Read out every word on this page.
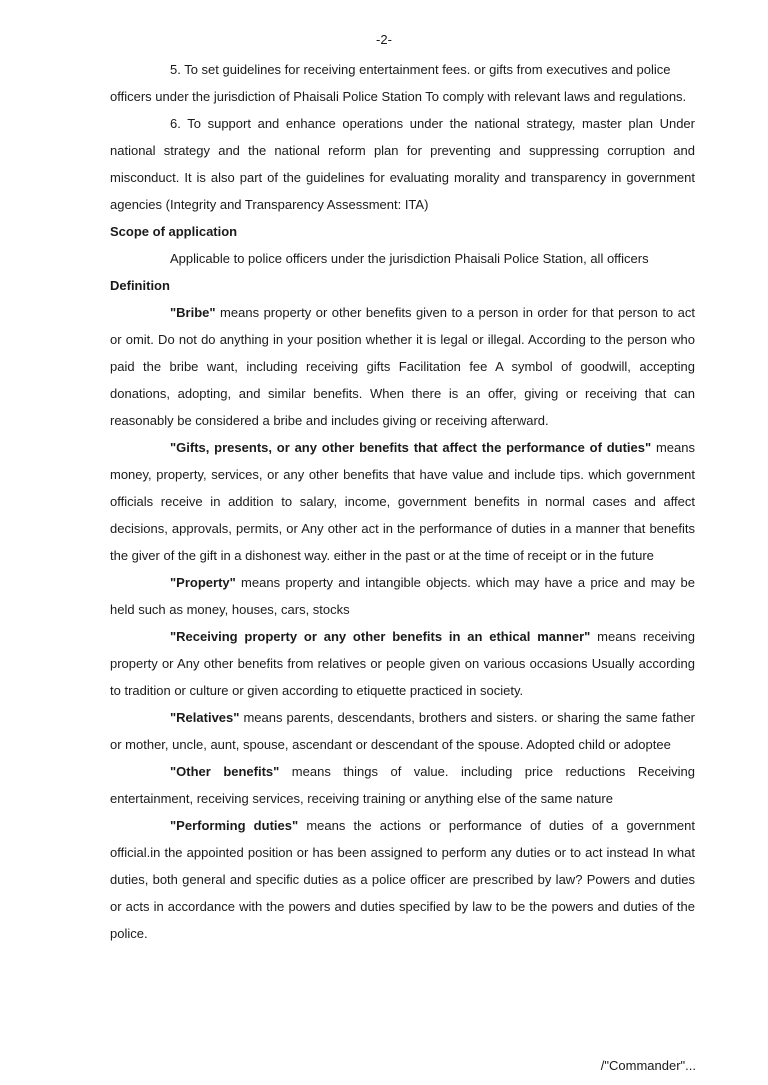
-2-

5. To set guidelines for receiving entertainment fees. or gifts from executives and police officers under the jurisdiction of Phaisali Police Station To comply with relevant laws and regulations.

6. To support and enhance operations under the national strategy, master plan Under national strategy and the national reform plan for preventing and suppressing corruption and misconduct. It is also part of the guidelines for evaluating morality and transparency in government agencies (Integrity and Transparency Assessment: ITA)

Scope of application

Applicable to police officers under the jurisdiction Phaisali Police Station, all officers

Definition

"Bribe" means property or other benefits given to a person in order for that person to act or omit. Do not do anything in your position whether it is legal or illegal. According to the person who paid the bribe want, including receiving gifts Facilitation fee A symbol of goodwill, accepting donations, adopting, and similar benefits. When there is an offer, giving or receiving that can reasonably be considered a bribe and includes giving or receiving afterward.

"Gifts, presents, or any other benefits that affect the performance of duties" means money, property, services, or any other benefits that have value and include tips. which government officials receive in addition to salary, income, government benefits in normal cases and affect decisions, approvals, permits, or Any other act in the performance of duties in a manner that benefits the giver of the gift in a dishonest way. either in the past or at the time of receipt or in the future

"Property" means property and intangible objects. which may have a price and may be held such as money, houses, cars, stocks

"Receiving property or any other benefits in an ethical manner" means receiving property or Any other benefits from relatives or people given on various occasions Usually according to tradition or culture or given according to etiquette practiced in society.

"Relatives" means parents, descendants, brothers and sisters. or sharing the same father or mother, uncle, aunt, spouse, ascendant or descendant of the spouse. Adopted child or adoptee

"Other benefits" means things of value. including price reductions Receiving entertainment, receiving services, receiving training or anything else of the same nature

"Performing duties" means the actions or performance of duties of a government official.in the appointed position or has been assigned to perform any duties or to act instead In what duties, both general and specific duties as a police officer are prescribed by law? Powers and duties or acts in accordance with the powers and duties specified by law to be the powers and duties of the police.

/"Commander"...
